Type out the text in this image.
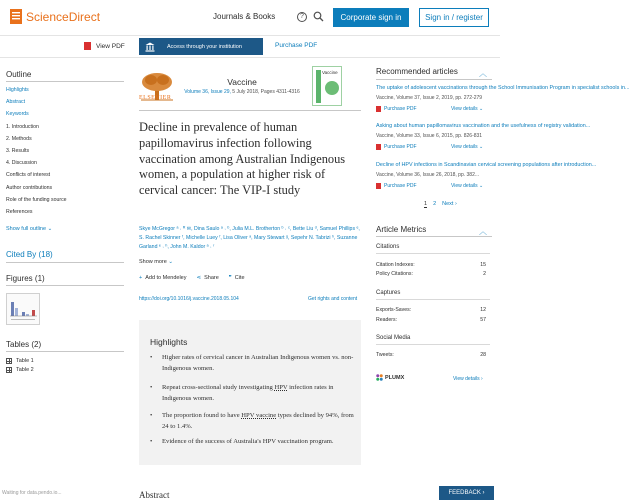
ScienceDirect	Journals & Books	?	Corporate sign in	Sign in / register
View PDF	Access through your institution	Purchase PDF
Outline
Highlights
Abstract
Keywords
1. Introduction
2. Methods
3. Results
4. Discussion
Conflicts of interest
Author contributions
Role of the funding source
References
Show full outline ⌄
Cited By (18)
Figures (1)
Tables (2)
Table 1
Table 2
ELSEVIER
Vaccine
Volume 36, Issue 29, 5 July 2018, Pages 4311-4316
Vaccine
Decline in prevalence of human papillomavirus infection following vaccination among Australian Indigenous women, a population at higher risk of cervical cancer: The VIP-I study
Skye McGregor ᵃ ˒ ᴿ ✉, Dina Saulo ᵃ ˒ ᵇ, Julia M.L. Brotherton ᵇ ˒ ᶜ, Bette Liu ᵈ, Samuel Phillips ᵉ, S. Rachel Skinner ᶠ, Michelle Luey ᶠ, Lisa Oliver ᵃ, Mary Stewart ᵍ, Sepehr N. Tabrizi ʰ, Suzanne Garland ᵉ ˒ ʰ, John M. Kaldor ᵃ ˒ ʳ
Show more ⌄
+ Add to Mendeley ⋖ Share ❞ Cite
https://doi.org/10.1016/j.vaccine.2018.05.104	Get rights and content
Highlights
•	Higher rates of cervical cancer in Australian Indigenous women vs. non-Indigenous women.
•	Repeat cross-sectional study investigating HPV infection rates in Indigenous women.
•	The proportion found to have HPV vaccine types declined by 94%, from 24 to 1.4%.
•	Evidence of the success of Australia's HPV vaccination program.
Abstract
Recommended articles	︿
The uptake of adolescent vaccinations through the School Immunisation Program in specialist schools in...
Vaccine, Volume 37, Issue 2, 2019, pp. 272-279
Purchase PDF	View details ⌄
Asking about human papillomavirus vaccination and the usefulness of registry validation...
Vaccine, Volume 33, Issue 6, 2015, pp. 826-831
Purchase PDF	View details ⌄
Decline of HPV infections in Scandinavian cervical screening populations after introduction...
Vaccine, Volume 36, Issue 26, 2018, pp. 382...
Purchase PDF	View details ⌄
1 2 Next ›
Article Metrics	︿
Citations
Citation Indexes:	15
Policy Citations:	2
Captures
Exports-Saves:	12
Readers:	57
Social Media
Tweets:	28
PLUMX	View details ›
FEEDBACK ›
Waiting for data.pendo.io...
